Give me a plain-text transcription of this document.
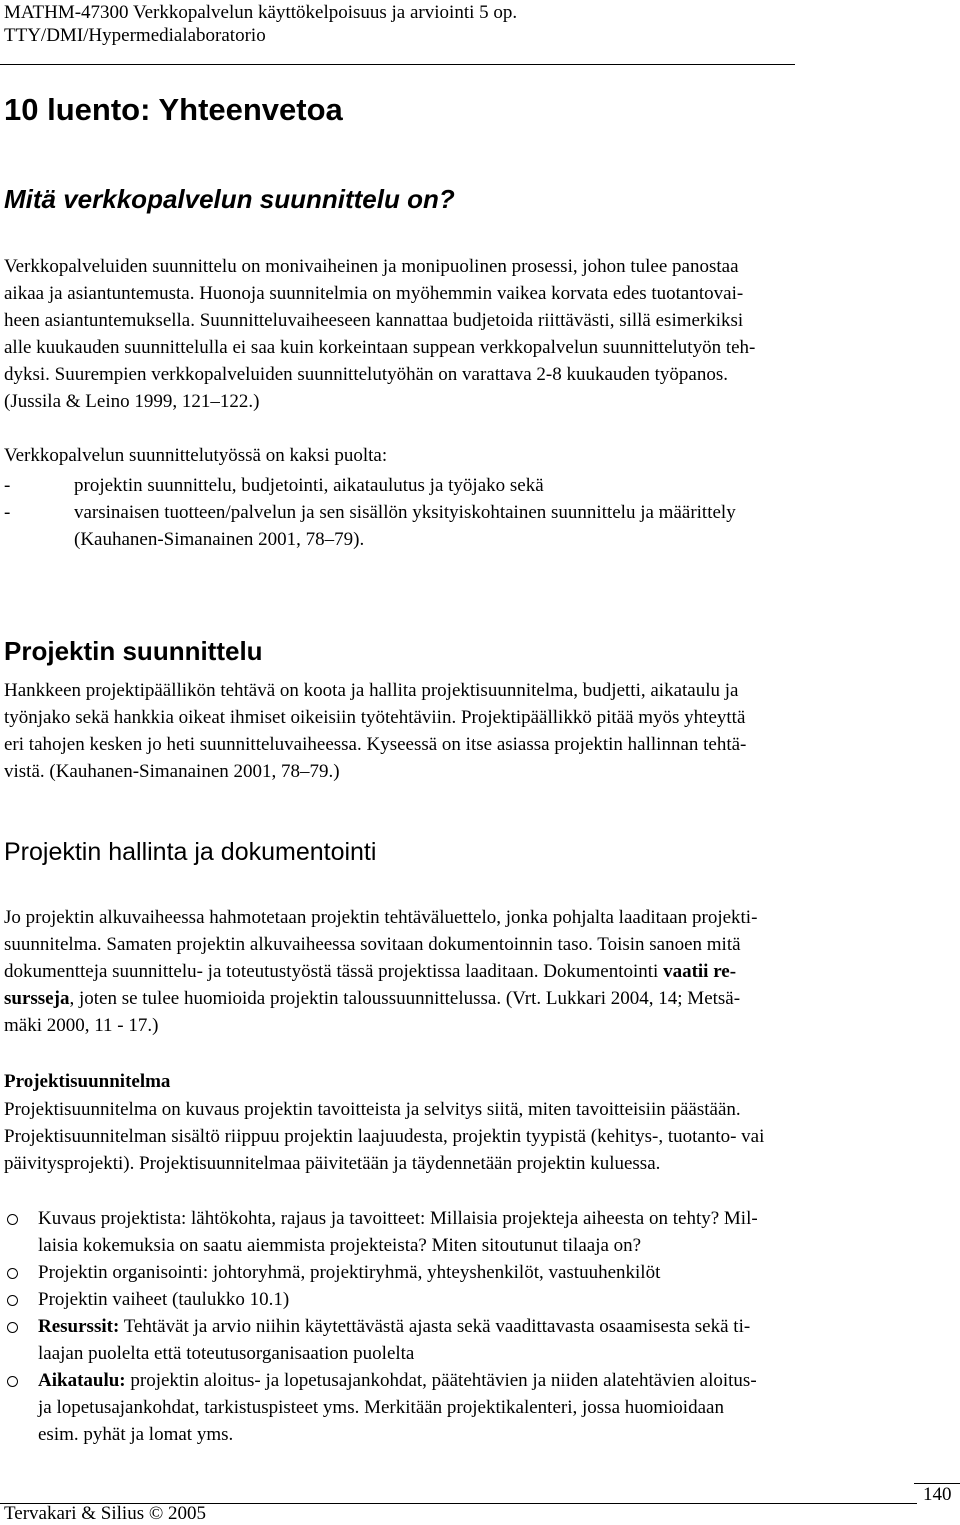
MATHM-47300 Verkkopalvelun käyttökelpoisuus ja arviointi 5 op.
TTY/DMI/Hypermedialaboratorio
10 luento: Yhteenvetoa
Mitä verkkopalvelun suunnittelu on?
Verkkopalveluiden suunnittelu on monivaiheinen ja monipuolinen prosessi, johon tulee panostaa
aikaa ja asiantuntemusta. Huonoja suunnitelmia on myöhemmin vaikea korvata edes tuotantovai-
heen asiantuntemuksella. Suunnitteluvaiheeseen kannattaa budjetoida riittävästi, sillä esimerkiksi
alle kuukauden suunnittelulla ei saa kuin korkeintaan suppean verkkopalvelun suunnittelutyön teh-
dyksi. Suurempien verkkopalveluiden suunnittelutyöhän on varattava 2-8 kuukauden työpanos.
(Jussila & Leino 1999, 121–122.)
Verkkopalvelun suunnittelutyössä on kaksi puolta:
-	projektin suunnittelu, budjetointi, aikataulutus ja työjako sekä
-	varsinaisen tuotteen/palvelun ja sen sisällön yksityiskohtainen suunnittelu ja määrittely
(Kauhanen-Simanainen 2001, 78–79).
Projektin suunnittelu
Hankkeen projektipäällikön tehtävä on koota ja hallita projektisuunnitelma, budjetti, aikataulu ja
työnjako sekä hankkia oikeat ihmiset oikeisiin työtehtäviin. Projektipäällikkö pitää myös yhteyttä
eri tahojen kesken jo heti suunnitteluvaiheessa. Kyseessä on itse asiassa projektin hallinnan tehtä-
vistä. (Kauhanen-Simanainen 2001, 78–79.)
Projektin hallinta ja dokumentointi
Jo projektin alkuvaiheessa hahmotetaan projektin tehtäväluettelo, jonka pohjalta laaditaan projekti-
suunnitelma. Samaten projektin alkuvaiheessa sovitaan dokumentoinnin taso. Toisin sanoen mitä
dokumentteja suunnittelu- ja toteutustyöstä tässä projektissa laaditaan. Dokumentointi vaatii re-
sursseja, joten se tulee huomioida projektin taloussuunnittelussa. (Vrt. Lukkari 2004, 14; Metsä-
mäki 2000, 11 - 17.)
Projektisuunnitelma
Projektisuunnitelma on kuvaus projektin tavoitteista ja selvitys siitä, miten tavoitteisiin päästään.
Projektisuunnitelman sisältö riippuu projektin laajuudesta, projektin tyypistä (kehitys-, tuotanto- vai
päivitysprojekti). Projektisuunnitelmaa päivitetään ja täydennetään projektin kuluessa.
Kuvaus projektista: lähtökohta, rajaus ja tavoitteet: Millaisia projekteja aiheesta on tehty? Mil-
laisia kokemuksia on saatu aiemmista projekteista? Miten sitoutunut tilaaja on?
Projektin organisointi: johtoryhmä, projektiryhmä, yhteyshenkilöt, vastuuhenkilöt
Projektin vaiheet (taulukko 10.1)
Resurssit: Tehtävät ja arvio niihin käytettävästä ajasta sekä vaadittavasta osaamisesta sekä ti-
laajan puolelta että toteutusorganisaation puolelta
Aikataulu: projektin aloitus- ja lopetusajankohdat, päätehtävien ja niiden alatehtävien aloitus-
ja lopetusajankohdat, tarkistuspisteet yms. Merkitään projektikalenteri, jossa huomioidaan
esim. pyhät ja lomat yms.
140
Tervakari & Silius © 2005
